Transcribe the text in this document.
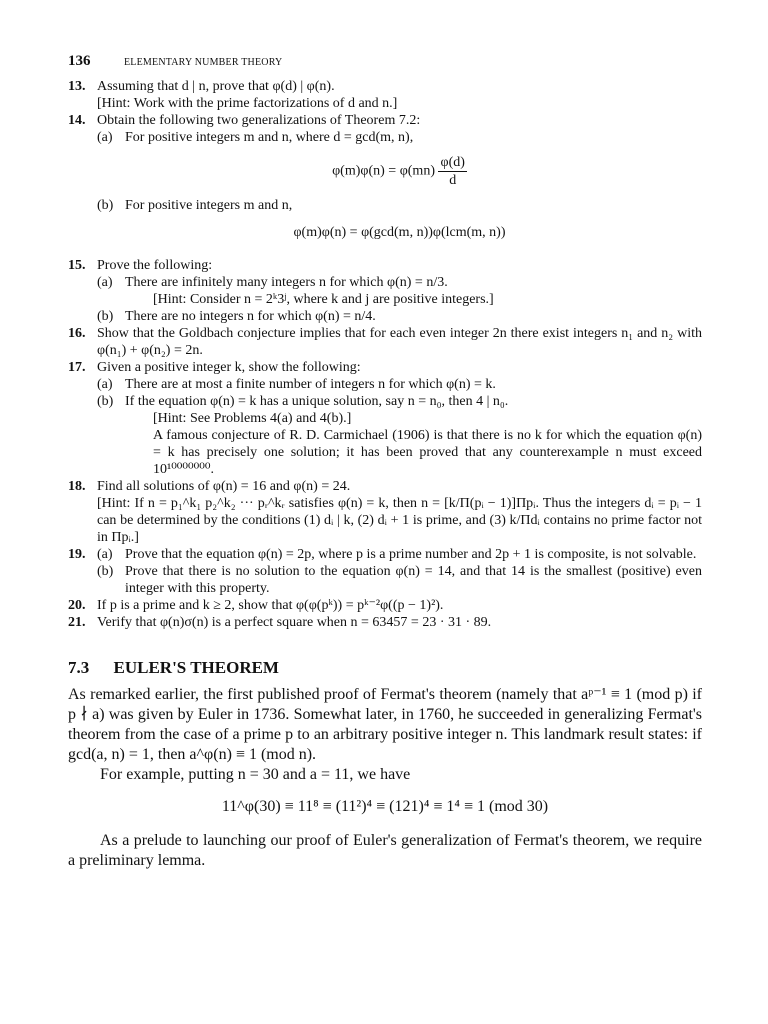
136	ELEMENTARY NUMBER THEORY
13. Assuming that d | n, prove that φ(d) | φ(n).
[Hint: Work with the prime factorizations of d and n.]
14. Obtain the following two generalizations of Theorem 7.2:
(a) For positive integers m and n, where d = gcd(m, n),
$\varphi(m)\varphi(n) = \varphi(mn) \frac{\varphi(d)}{d}$
(b) For positive integers m and n,
φ(m)φ(n) = φ(gcd(m, n))φ(lcm(m, n))
15. Prove the following:
(a) There are infinitely many integers n for which φ(n) = n/3.
[Hint: Consider n = 2ᵏ3ʲ, where k and j are positive integers.]
(b) There are no integers n for which φ(n) = n/4.
16. Show that the Goldbach conjecture implies that for each even integer 2n there exist integers n₁ and n₂ with φ(n₁) + φ(n₂) = 2n.
17. Given a positive integer k, show the following:
(a) There are at most a finite number of integers n for which φ(n) = k.
(b) If the equation φ(n) = k has a unique solution, say n = n₀, then 4 | n₀.
[Hint: See Problems 4(a) and 4(b).]
A famous conjecture of R. D. Carmichael (1906) is that there is no k for which the equation φ(n) = k has precisely one solution; it has been proved that any counterexample n must exceed 10¹⁰⁰⁰⁰⁰⁰⁰.
18. Find all solutions of φ(n) = 16 and φ(n) = 24.
[Hint: If n = p₁^k₁ p₂^k₂ ··· pᵣ^kᵣ satisfies φ(n) = k, then n = [k/Π(pᵢ − 1)]Πpᵢ. Thus the integers dᵢ = pᵢ − 1 can be determined by the conditions (1) dᵢ | k, (2) dᵢ + 1 is prime, and (3) k/Πdᵢ contains no prime factor not in Πpᵢ.]
19. (a) Prove that the equation φ(n) = 2p, where p is a prime number and 2p + 1 is composite, is not solvable.
(b) Prove that there is no solution to the equation φ(n) = 14, and that 14 is the smallest (positive) even integer with this property.
20. If p is a prime and k ≥ 2, show that φ(φ(pᵏ)) = pᵏ⁻²φ((p − 1)²).
21. Verify that φ(n)σ(n) is a perfect square when n = 63457 = 23 · 31 · 89.
7.3 EULER'S THEOREM
As remarked earlier, the first published proof of Fermat's theorem (namely that aᵖ⁻¹ ≡ 1 (mod p) if p ∤ a) was given by Euler in 1736. Somewhat later, in 1760, he succeeded in generalizing Fermat's theorem from the case of a prime p to an arbitrary positive integer n. This landmark result states: if gcd(a, n) = 1, then a^φ(n) ≡ 1 (mod n).
For example, putting n = 30 and a = 11, we have
11^φ(30) ≡ 11⁸ ≡ (11²)⁴ ≡ (121)⁴ ≡ 1⁴ ≡ 1 (mod 30)
As a prelude to launching our proof of Euler's generalization of Fermat's theorem, we require a preliminary lemma.
